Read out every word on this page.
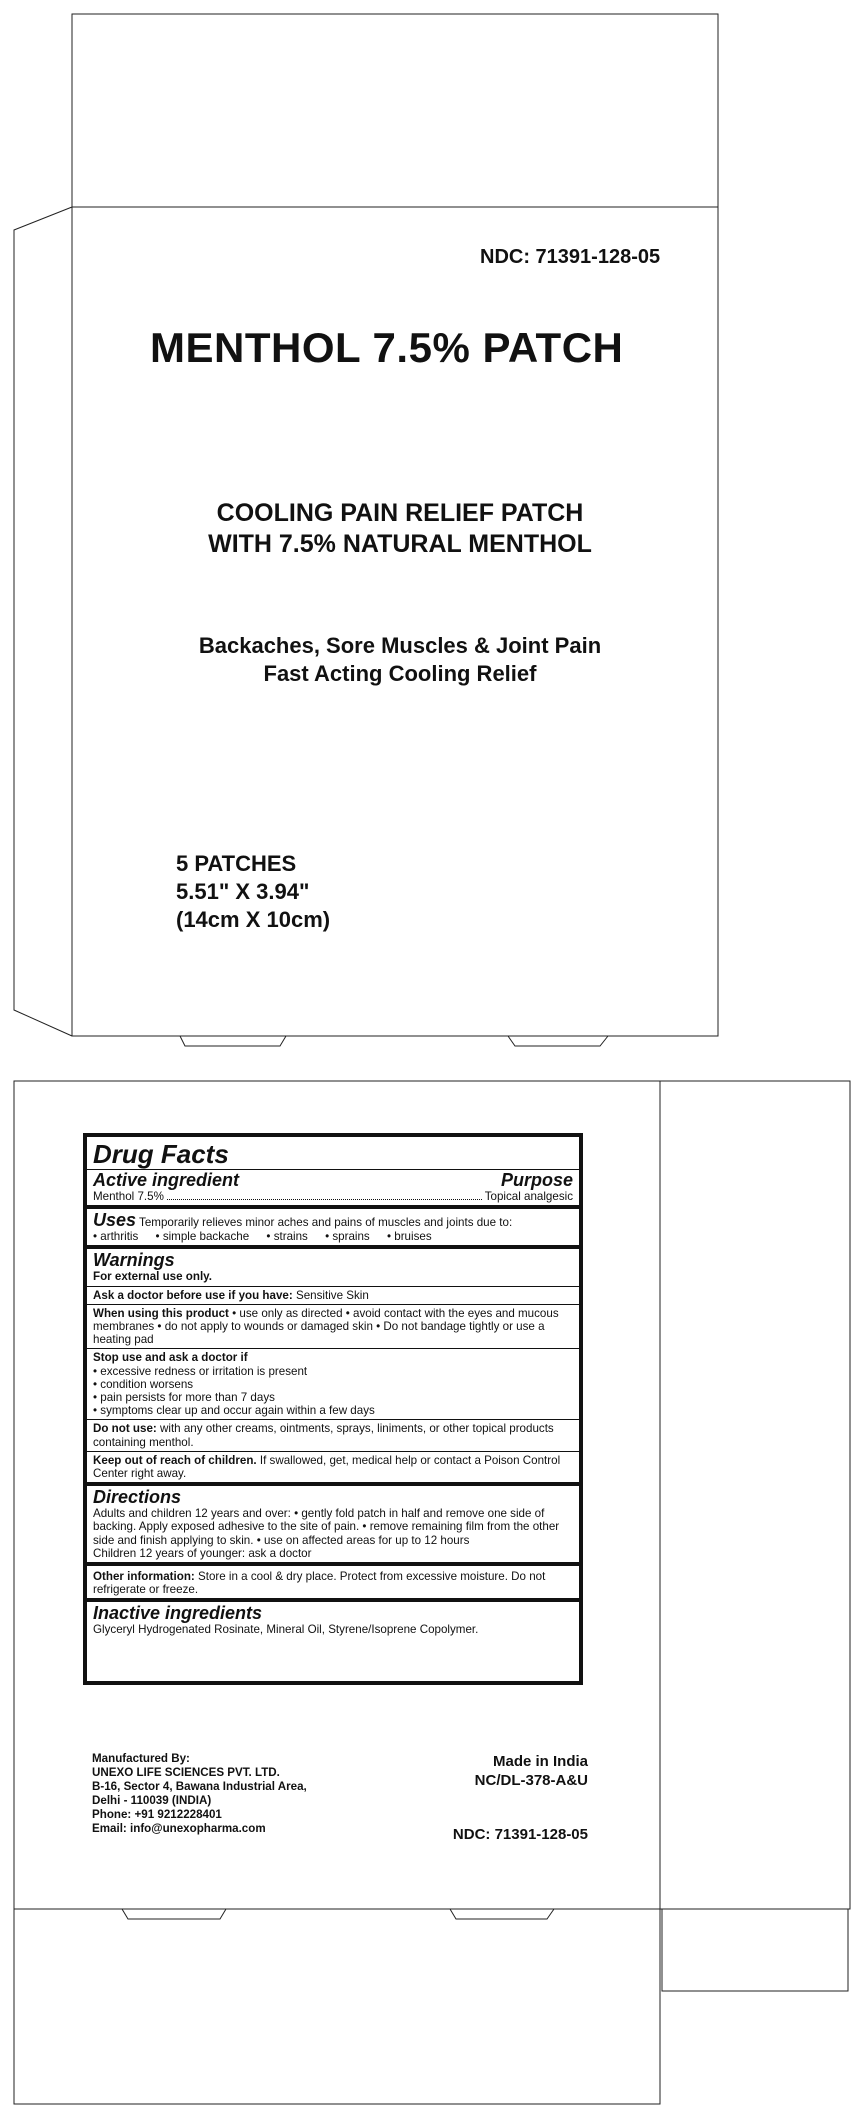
NDC: 71391-128-05
MENTHOL 7.5% PATCH
COOLING PAIN RELIEF PATCH
WITH 7.5% NATURAL MENTHOL
Backaches, Sore Muscles & Joint Pain
Fast Acting Cooling Relief
5 PATCHES
5.51" X 3.94"
(14cm X 10cm)
Drug Facts
Active ingredient	Purpose
Menthol 7.5%	Topical analgesic
Uses Temporarily relieves minor aches and pains of muscles and joints due to:
• arthritis • simple backache • strains • sprains • bruises
Warnings
For external use only.
Ask a doctor before use if you have: Sensitive Skin
When using this product • use only as directed • avoid contact with the eyes and mucous membranes • do not apply to wounds or damaged skin • Do not bandage tightly or use a heating pad
Stop use and ask a doctor if
• excessive redness or irritation is present
• condition worsens
• pain persists for more than 7 days
• symptoms clear up and occur again within a few days
Do not use: with any other creams, ointments, sprays, liniments, or other topical products containing menthol.
Keep out of reach of children. If swallowed, get, medical help or contact a Poison Control Center right away.
Directions
Adults and children 12 years and over: • gently fold patch in half and remove one side of backing. Apply exposed adhesive to the site of pain. • remove remaining film from the other side and finish applying to skin. • use on affected areas for up to 12 hours
Children 12 years of younger: ask a doctor
Other information: Store in a cool & dry place. Protect from excessive moisture. Do not refrigerate or freeze.
Inactive ingredients
Glyceryl Hydrogenated Rosinate, Mineral Oil, Styrene/Isoprene Copolymer.
Manufactured By:
UNEXO LIFE SCIENCES PVT. LTD.
B-16, Sector 4, Bawana Industrial Area,
Delhi - 110039 (INDIA)
Phone: +91 9212228401
Email: info@unexopharma.com
Made in India
NC/DL-378-A&U
NDC: 71391-128-05
